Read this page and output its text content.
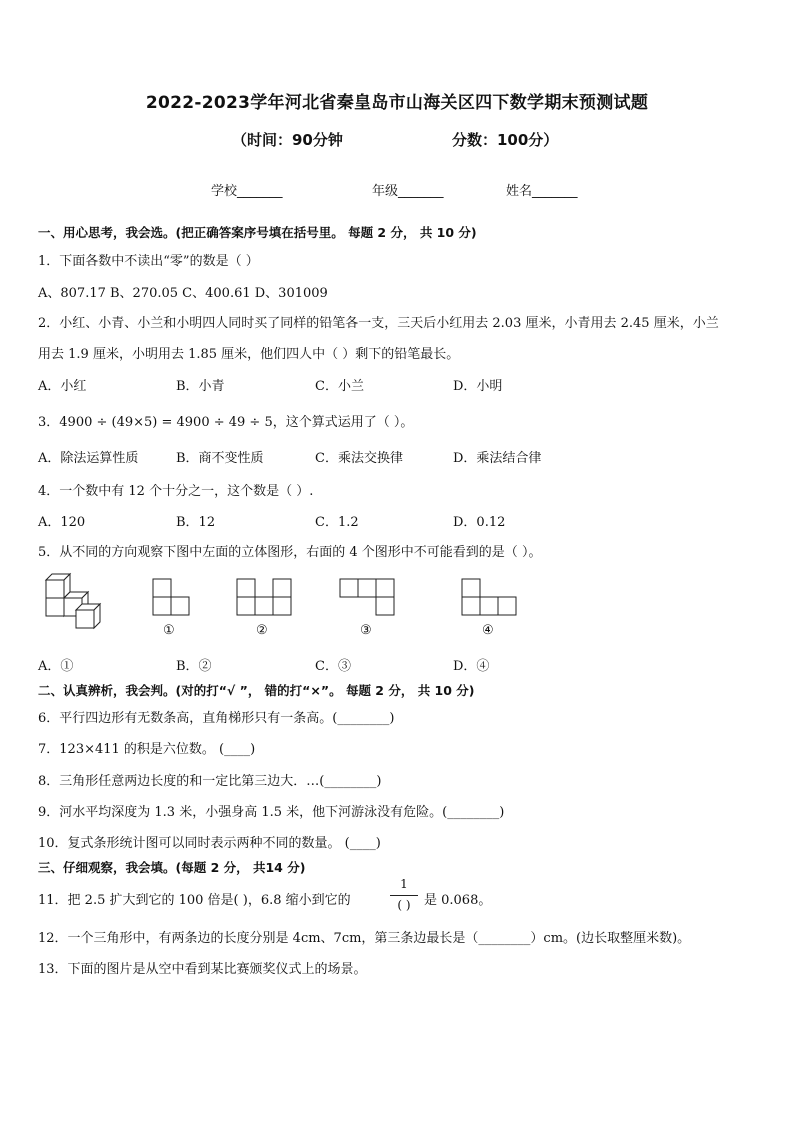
2022-2023学年河北省秦皇岛市山海关区四下数学期末预测试题
（时间：90分钟	分数：100分）
学校_______	年级_______	姓名_______
一、用心思考，我会选。(把正确答案序号填在括号里。 每题 2 分， 共 10 分)
1．下面各数中不读出“零”的数是（ ）
A、807.17 B、270.05 C、400.61 D、301009
2．小红、小青、小兰和小明四人同时买了同样的铅笔各一支，三天后小红用去 2.03 厘米，小青用去 2.45 厘米，小兰
用去 1.9 厘米，小明用去 1.85 厘米，他们四人中（ ）剩下的铅笔最长。
A．小红	B．小青	C．小兰	D．小明
3．4900 ÷ (49×5) = 4900 ÷ 49 ÷ 5，这个算式运用了（ ）。
A．除法运算性质	B．商不变性质	C．乘法交换律	D．乘法结合律
4．一个数中有 12 个十分之一，这个数是（ ）.
A．120	B．12	C．1.2	D．0.12
5．从不同的方向观察下图中左面的立体图形，右面的 4 个图形中不可能看到的是（ ）。
①	②	③	④
A．①	B．②	C．③	D．④
二、认真辨析，我会判。(对的打“√ ”， 错的打“×”。 每题 2 分， 共 10 分)
6．平行四边形有无数条高，直角梯形只有一条高。(________)
7．123×411 的积是六位数。 (____)
8．三角形任意两边长度的和一定比第三边大．…(________)
9．河水平均深度为 1.3 米，小强身高 1.5 米，他下河游泳没有危险。(________)
10．复式条形统计图可以同时表示两种不同的数量。 (____)
三、仔细观察，我会填。(每题 2 分， 共14 分)
11．把 2.5 扩大到它的 100 倍是( )，6.8 缩小到它的
1
( )	是 0.068。
12．一个三角形中，有两条边的长度分别是 4cm、7cm，第三条边最长是（________）cm。(边长取整厘米数)。
13．下面的图片是从空中看到某比赛颁奖仪式上的场景。
